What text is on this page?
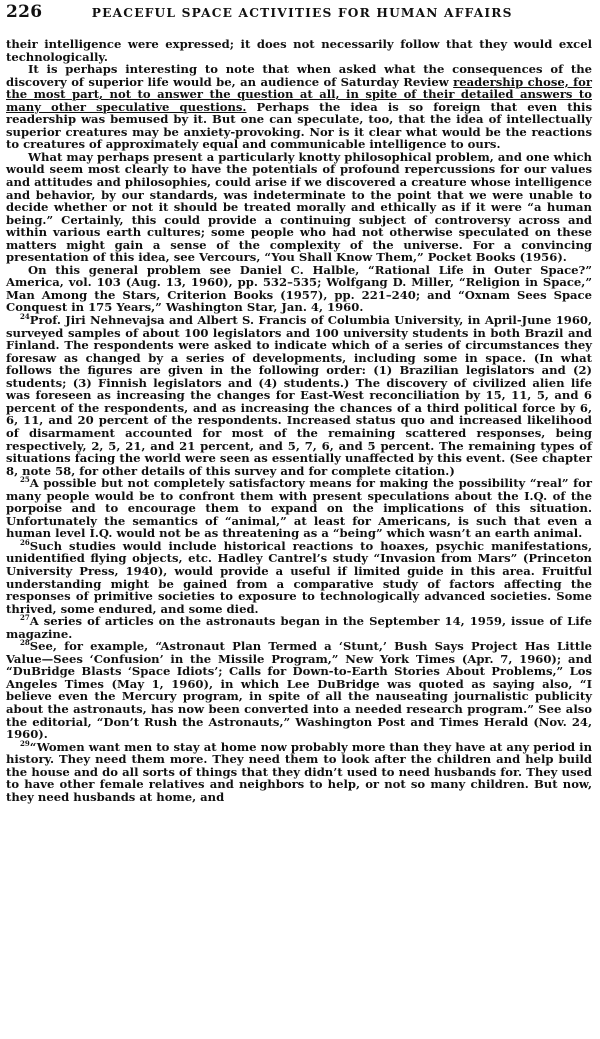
226	PEACEFUL SPACE ACTIVITIES FOR HUMAN AFFAIRS

their intelligence were expressed; it does not necessarily follow that they would excel technologically.

It is perhaps interesting to note that when asked what the consequences of the discovery of superior life would be, an audience of Saturday Review readership chose, for the most part, not to answer the question at all, in spite of their detailed answers to many other speculative questions. Perhaps the idea is so foreign that even this readership was bemused by it. But one can speculate, too, that the idea of intellectually superior creatures may be anxiety-provoking. Nor is it clear what would be the reactions to creatures of approximately equal and communicable intelligence to ours.

What may perhaps present a particularly knotty philosophical problem, and one which would seem most clearly to have the potentials of profound repercussions for our values and attitudes and philosophies, could arise if we discovered a creature whose intelligence and behavior, by our standards, was indeterminate to the point that we were unable to decide whether or not it should be treated morally and ethically as if it were “a human being.” Certainly, this could provide a continuing subject of controversy across and within various earth cultures; some people who had not otherwise speculated on these matters might gain a sense of the complexity of the universe. For a convincing presentation of this idea, see Vercours, “You Shall Know Them,” Pocket Books (1956).

On this general problem see Daniel C. Halble, “Rational Life in Outer Space?” America, vol. 103 (Aug. 13, 1960), pp. 532–535; Wolfgang D. Miller, “Religion in Space,” Man Among the Stars, Criterion Books (1957), pp. 221–240; and “Oxnam Sees Space Conquest in 175 Years,” Washington Star, Jan. 4, 1960.

$^{24}$Prof. Jiri Nehnevajsa and Albert S. Francis of Columbia University, in April-June 1960, surveyed samples of about 100 legislators and 100 university students in both Brazil and Finland. The respondents were asked to indicate which of a series of circumstances they foresaw as changed by a series of developments, including some in space. (In what follows the figures are given in the following order: (1) Brazilian legislators and (2) students; (3) Finnish legislators and (4) students.) The discovery of civilized alien life was foreseen as increasing the changes for East-West reconciliation by 15, 11, 5, and 6 percent of the respondents, and as increasing the chances of a third political force by 6, 6, 11, and 20 percent of the respondents. Increased status quo and increased likelihood of disarmament accounted for most of the remaining scattered responses, being respectively, 2, 5, 21, and 21 percent, and 5, 7, 6, and 5 percent. The remaining types of situations facing the world were seen as essentially unaffected by this event. (See chapter 8, note 58, for other details of this survey and for complete citation.)

$^{25}$A possible but not completely satisfactory means for making the possibility “real” for many people would be to confront them with present speculations about the I.Q. of the porpoise and to encourage them to expand on the implications of this situation. Unfortunately the semantics of “animal,” at least for Americans, is such that even a human level I.Q. would not be as threatening as a “being” which wasn’t an earth animal.

$^{26}$Such studies would include historical reactions to hoaxes, psychic manifestations, unidentified flying objects, etc. Hadley Cantrel’s study “Invasion from Mars” (Princeton University Press, 1940), would provide a useful if limited guide in this area. Fruitful understanding might be gained from a comparative study of factors affecting the responses of primitive societies to exposure to technologically advanced societies. Some thrived, some endured, and some died.

$^{27}$A series of articles on the astronauts began in the September 14, 1959, issue of Life magazine.

$^{28}$See, for example, “Astronaut Plan Termed a ‘Stunt,’ Bush Says Project Has Little Value—Sees ‘Confusion’ in the Missile Program,” New York Times (Apr. 7, 1960); and “DuBridge Blasts ‘Space Idiots’; Calls for Down-to-Earth Stories About Problems,” Los Angeles Times (May 1, 1960), in which Lee DuBridge was quoted as saying also, “I believe even the Mercury program, in spite of all the nauseating journalistic publicity about the astronauts, has now been converted into a needed research program.” See also the editorial, “Don’t Rush the Astronauts,” Washington Post and Times Herald (Nov. 24, 1960).

$^{29}$“Women want men to stay at home now probably more than they have at any period in history. They need them more. They need them to look after the children and help build the house and do all sorts of things that they didn’t used to need husbands for. They used to have other female relatives and neighbors to help, or not so many children. But now, they need husbands at home, and
